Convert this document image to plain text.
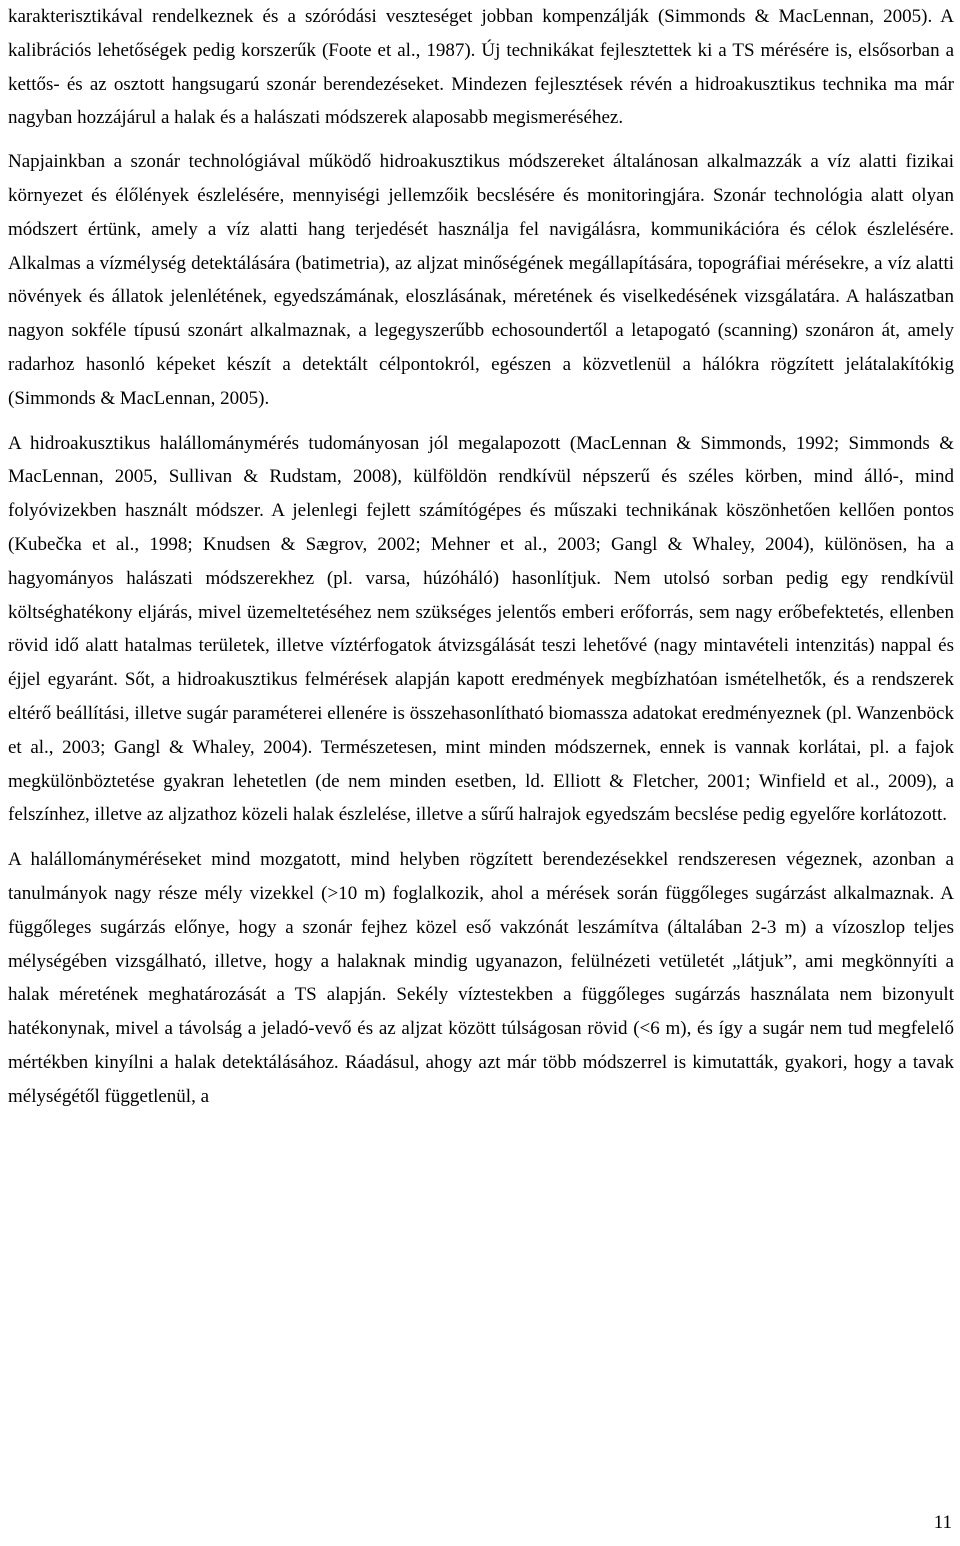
karakterisztikával rendelkeznek és a szóródási veszteséget jobban kompenzálják (Simmonds & MacLennan, 2005). A kalibrációs lehetőségek pedig korszerűk (Foote et al., 1987). Új technikákat fejlesztettek ki a TS mérésére is, elsősorban a kettős- és az osztott hangsugarú szonár berendezéseket. Mindezen fejlesztések révén a hidroakusztikus technika ma már nagyban hozzájárul a halak és a halászati módszerek alaposabb megismeréséhez.

Napjainkban a szonár technológiával működő hidroakusztikus módszereket általánosan alkalmazzák a víz alatti fizikai környezet és élőlények észlelésére, mennyiségi jellemzőik becslésére és monitoringjára. Szonár technológia alatt olyan módszert értünk, amely a víz alatti hang terjedését használja fel navigálásra, kommunikációra és célok észlelésére. Alkalmas a vízmélység detektálására (batimetria), az aljzat minőségének megállapítására, topográfiai mérésekre, a víz alatti növények és állatok jelenlétének, egyedszámának, eloszlásának, méretének és viselkedésének vizsgálatára. A halászatban nagyon sokféle típusú szonárt alkalmaznak, a legegyszerűbb echosoundertől a letapogató (scanning) szonáron át, amely radarhoz hasonló képeket készít a detektált célpontokról, egészen a közvetlenül a hálókra rögzített jelátalakítókig (Simmonds & MacLennan, 2005).

A hidroakusztikus halállománymérés tudományosan jól megalapozott (MacLennan & Simmonds, 1992; Simmonds & MacLennan, 2005, Sullivan & Rudstam, 2008), külföldön rendkívül népszerű és széles körben, mind álló-, mind folyóvizekben használt módszer. A jelenlegi fejlett számítógépes és műszaki technikának köszönhetően kellően pontos (Kubečka et al., 1998; Knudsen & Sægrov, 2002; Mehner et al., 2003; Gangl & Whaley, 2004), különösen, ha a hagyományos halászati módszerekhez (pl. varsa, húzóháló) hasonlítjuk. Nem utolsó sorban pedig egy rendkívül költséghatékony eljárás, mivel üzemeltetéséhez nem szükséges jelentős emberi erőforrás, sem nagy erőbefektetés, ellenben rövid idő alatt hatalmas területek, illetve víztérfogatok átvizsgálását teszi lehetővé (nagy mintavételi intenzitás) nappal és éjjel egyaránt. Sőt, a hidroakusztikus felmérések alapján kapott eredmények megbízhatóan ismételhetők, és a rendszerek eltérő beállítási, illetve sugár paraméterei ellenére is összehasonlítható biomassza adatokat eredményeznek (pl. Wanzenböck et al., 2003; Gangl & Whaley, 2004). Természetesen, mint minden módszernek, ennek is vannak korlátai, pl. a fajok megkülönböztetése gyakran lehetetlen (de nem minden esetben, ld. Elliott & Fletcher, 2001; Winfield et al., 2009), a felszínhez, illetve az aljzathoz közeli halak észlelése, illetve a sűrű halrajok egyedszám becslése pedig egyelőre korlátozott.

A halállományméréseket mind mozgatott, mind helyben rögzített berendezésekkel rendszeresen végeznek, azonban a tanulmányok nagy része mély vizekkel (>10 m) foglalkozik, ahol a mérések során függőleges sugárzást alkalmaznak. A függőleges sugárzás előnye, hogy a szonár fejhez közel eső vakzónát leszámítva (általában 2-3 m) a vízoszlop teljes mélységében vizsgálható, illetve, hogy a halaknak mindig ugyanazon, felülnézeti vetületét „látjuk”, ami megkönnyíti a halak méretének meghatározását a TS alapján. Sekély víztestekben a függőleges sugárzás használata nem bizonyult hatékonynak, mivel a távolság a jeladó-vevő és az aljzat között túlságosan rövid (<6 m), és így a sugár nem tud megfelelő mértékben kinyílni a halak detektálásához. Ráadásul, ahogy azt már több módszerrel is kimutatták, gyakori, hogy a tavak mélységétől függetlenül, a

11
